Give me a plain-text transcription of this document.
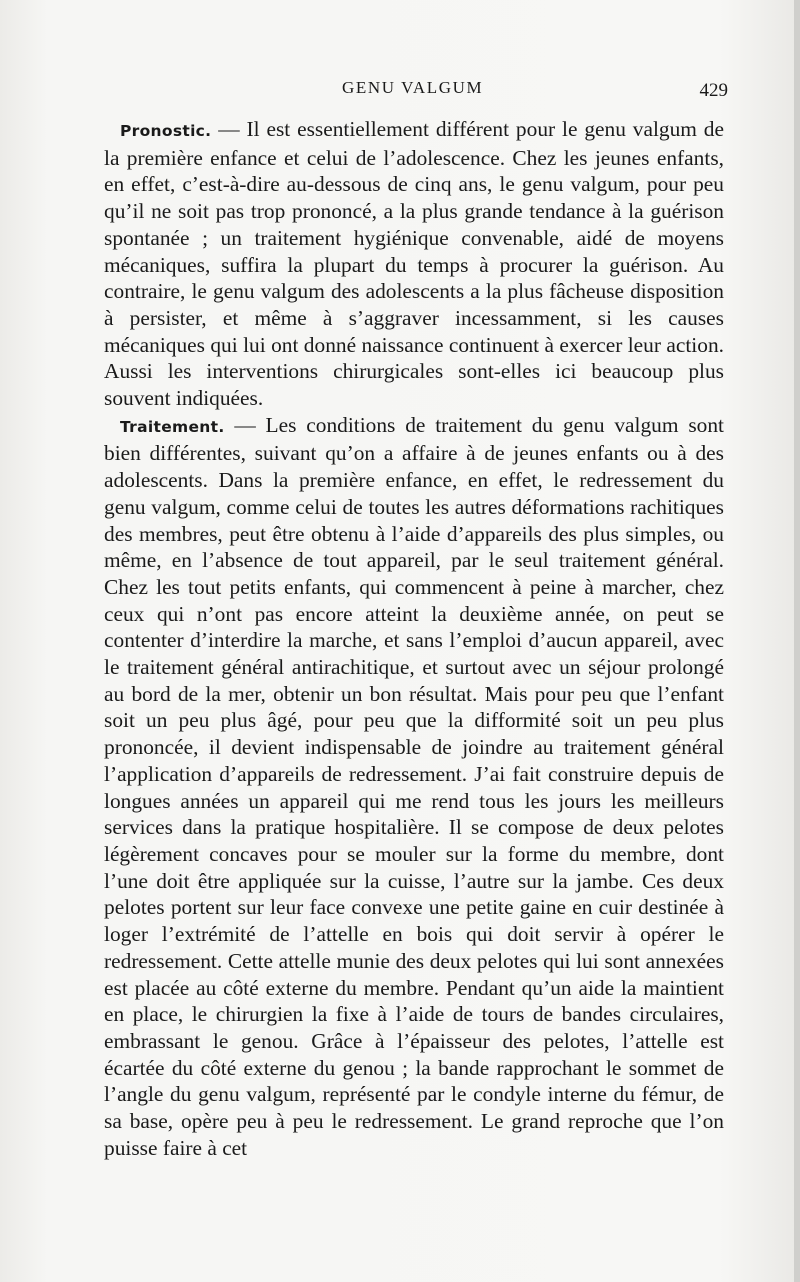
GENU VALGUM	429

Pronostic. — Il est essentiellement différent pour le genu valgum de la première enfance et celui de l’adolescence. Chez les jeunes enfants, en effet, c’est-à-dire au-dessous de cinq ans, le genu valgum, pour peu qu’il ne soit pas trop prononcé, a la plus grande tendance à la guérison spontanée ; un traitement hygiénique convenable, aidé de moyens mécaniques, suffira la plupart du temps à procurer la guérison. Au contraire, le genu valgum des adolescents a la plus fâcheuse disposition à persister, et même à s’aggraver incessamment, si les causes mécaniques qui lui ont donné naissance continuent à exercer leur action. Aussi les interventions chirurgicales sont-elles ici beaucoup plus souvent indiquées.

Traitement. — Les conditions de traitement du genu valgum sont bien différentes, suivant qu’on a affaire à de jeunes enfants ou à des adolescents. Dans la première enfance, en effet, le redressement du genu valgum, comme celui de toutes les autres déformations rachitiques des membres, peut être obtenu à l’aide d’appareils des plus simples, ou même, en l’absence de tout appareil, par le seul traitement général. Chez les tout petits enfants, qui commencent à peine à marcher, chez ceux qui n’ont pas encore atteint la deuxième année, on peut se contenter d’interdire la marche, et sans l’emploi d’aucun appareil, avec le traitement général antirachitique, et surtout avec un séjour prolongé au bord de la mer, obtenir un bon résultat. Mais pour peu que l’enfant soit un peu plus âgé, pour peu que la difformité soit un peu plus prononcée, il devient indispensable de joindre au traitement général l’application d’appareils de redressement. J’ai fait construire depuis de longues années un appareil qui me rend tous les jours les meilleurs services dans la pratique hospitalière. Il se compose de deux pelotes légèrement concaves pour se mouler sur la forme du membre, dont l’une doit être appliquée sur la cuisse, l’autre sur la jambe. Ces deux pelotes portent sur leur face convexe une petite gaine en cuir destinée à loger l’extrémité de l’attelle en bois qui doit servir à opérer le redressement. Cette attelle munie des deux pelotes qui lui sont annexées est placée au côté externe du membre. Pendant qu’un aide la maintient en place, le chirurgien la fixe à l’aide de tours de bandes circulaires, embrassant le genou. Grâce à l’épaisseur des pelotes, l’attelle est écartée du côté externe du genou ; la bande rapprochant le sommet de l’angle du genu valgum, représenté par le condyle interne du fémur, de sa base, opère peu à peu le redressement. Le grand reproche que l’on puisse faire à cet
